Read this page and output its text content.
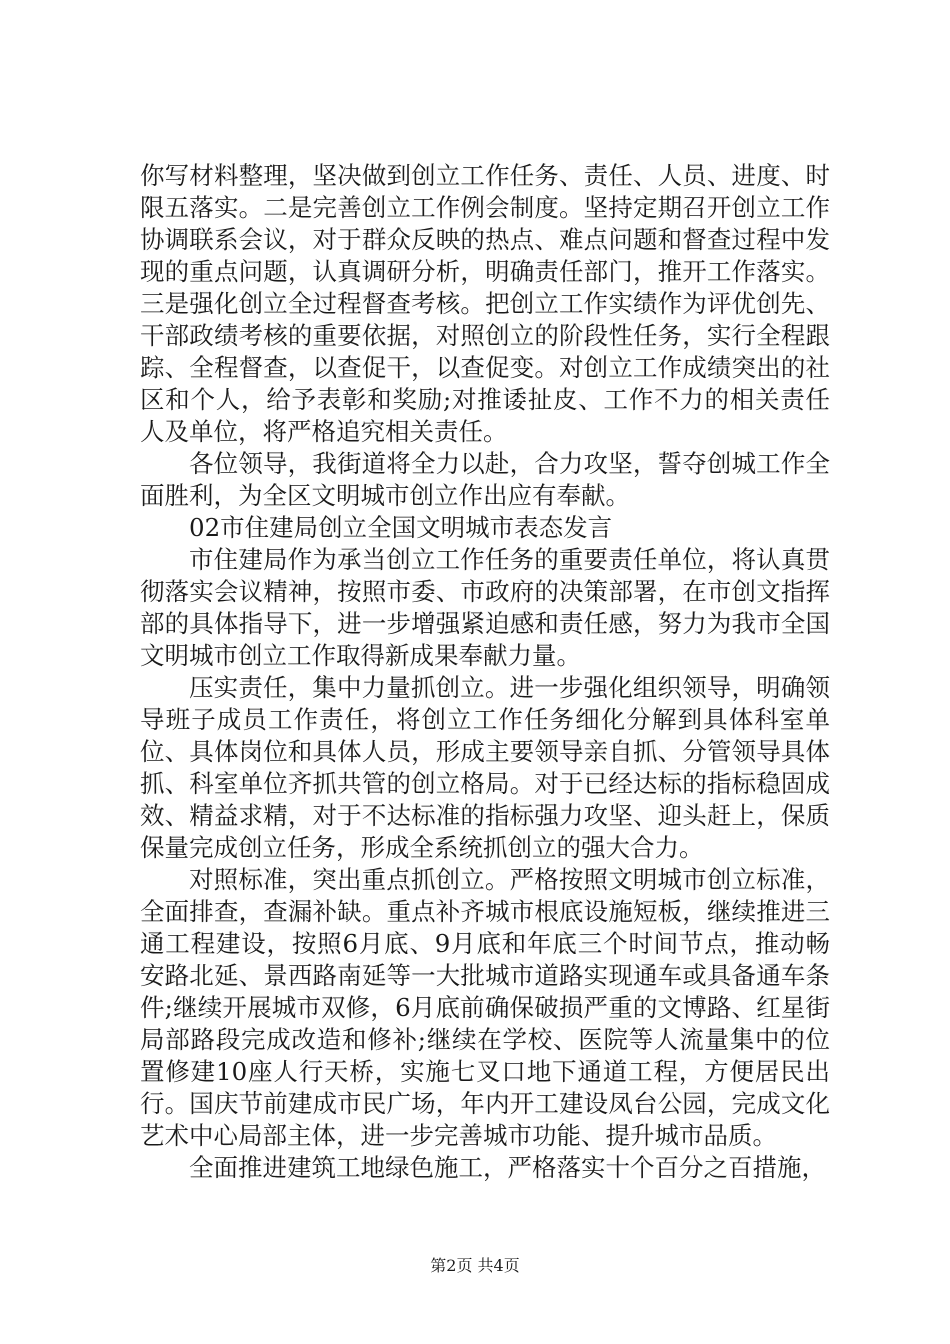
你写材料整理，坚决做到创立工作任务、责任、人员、进度、时限五落实。二是完善创立工作例会制度。坚持定期召开创立工作协调联系会议，对于群众反映的热点、难点问题和督查过程中发现的重点问题，认真调研分析，明确责任部门，推开工作落实。三是强化创立全过程督查考核。把创立工作实绩作为评优创先、干部政绩考核的重要依据，对照创立的阶段性任务，实行全程跟踪、全程督查，以查促干，以查促变。对创立工作成绩突出的社区和个人，给予表彰和奖励;对推诿扯皮、工作不力的相关责任人及单位，将严格追究相关责任。

各位领导，我街道将全力以赴，合力攻坚，誓夺创城工作全面胜利，为全区文明城市创立作出应有奉献。

02市住建局创立全国文明城市表态发言

市住建局作为承当创立工作任务的重要责任单位，将认真贯彻落实会议精神，按照市委、市政府的决策部署，在市创文指挥部的具体指导下，进一步增强紧迫感和责任感，努力为我市全国文明城市创立工作取得新成果奉献力量。

压实责任，集中力量抓创立。进一步强化组织领导，明确领导班子成员工作责任，将创立工作任务细化分解到具体科室单位、具体岗位和具体人员，形成主要领导亲自抓、分管领导具体抓、科室单位齐抓共管的创立格局。对于已经达标的指标稳固成效、精益求精，对于不达标准的指标强力攻坚、迎头赶上，保质保量完成创立任务，形成全系统抓创立的强大合力。

对照标准，突出重点抓创立。严格按照文明城市创立标准，全面排查，查漏补缺。重点补齐城市根底设施短板，继续推进三通工程建设，按照6月底、9月底和年底三个时间节点，推动畅安路北延、景西路南延等一大批城市道路实现通车或具备通车条件;继续开展城市双修，6月底前确保破损严重的文博路、红星街局部路段完成改造和修补;继续在学校、医院等人流量集中的位置修建10座人行天桥，实施七叉口地下通道工程，方便居民出行。国庆节前建成市民广场，年内开工建设凤台公园，完成文化艺术中心局部主体，进一步完善城市功能、提升城市品质。

全面推进建筑工地绿色施工，严格落实十个百分之百措施，

第2页 共4页
